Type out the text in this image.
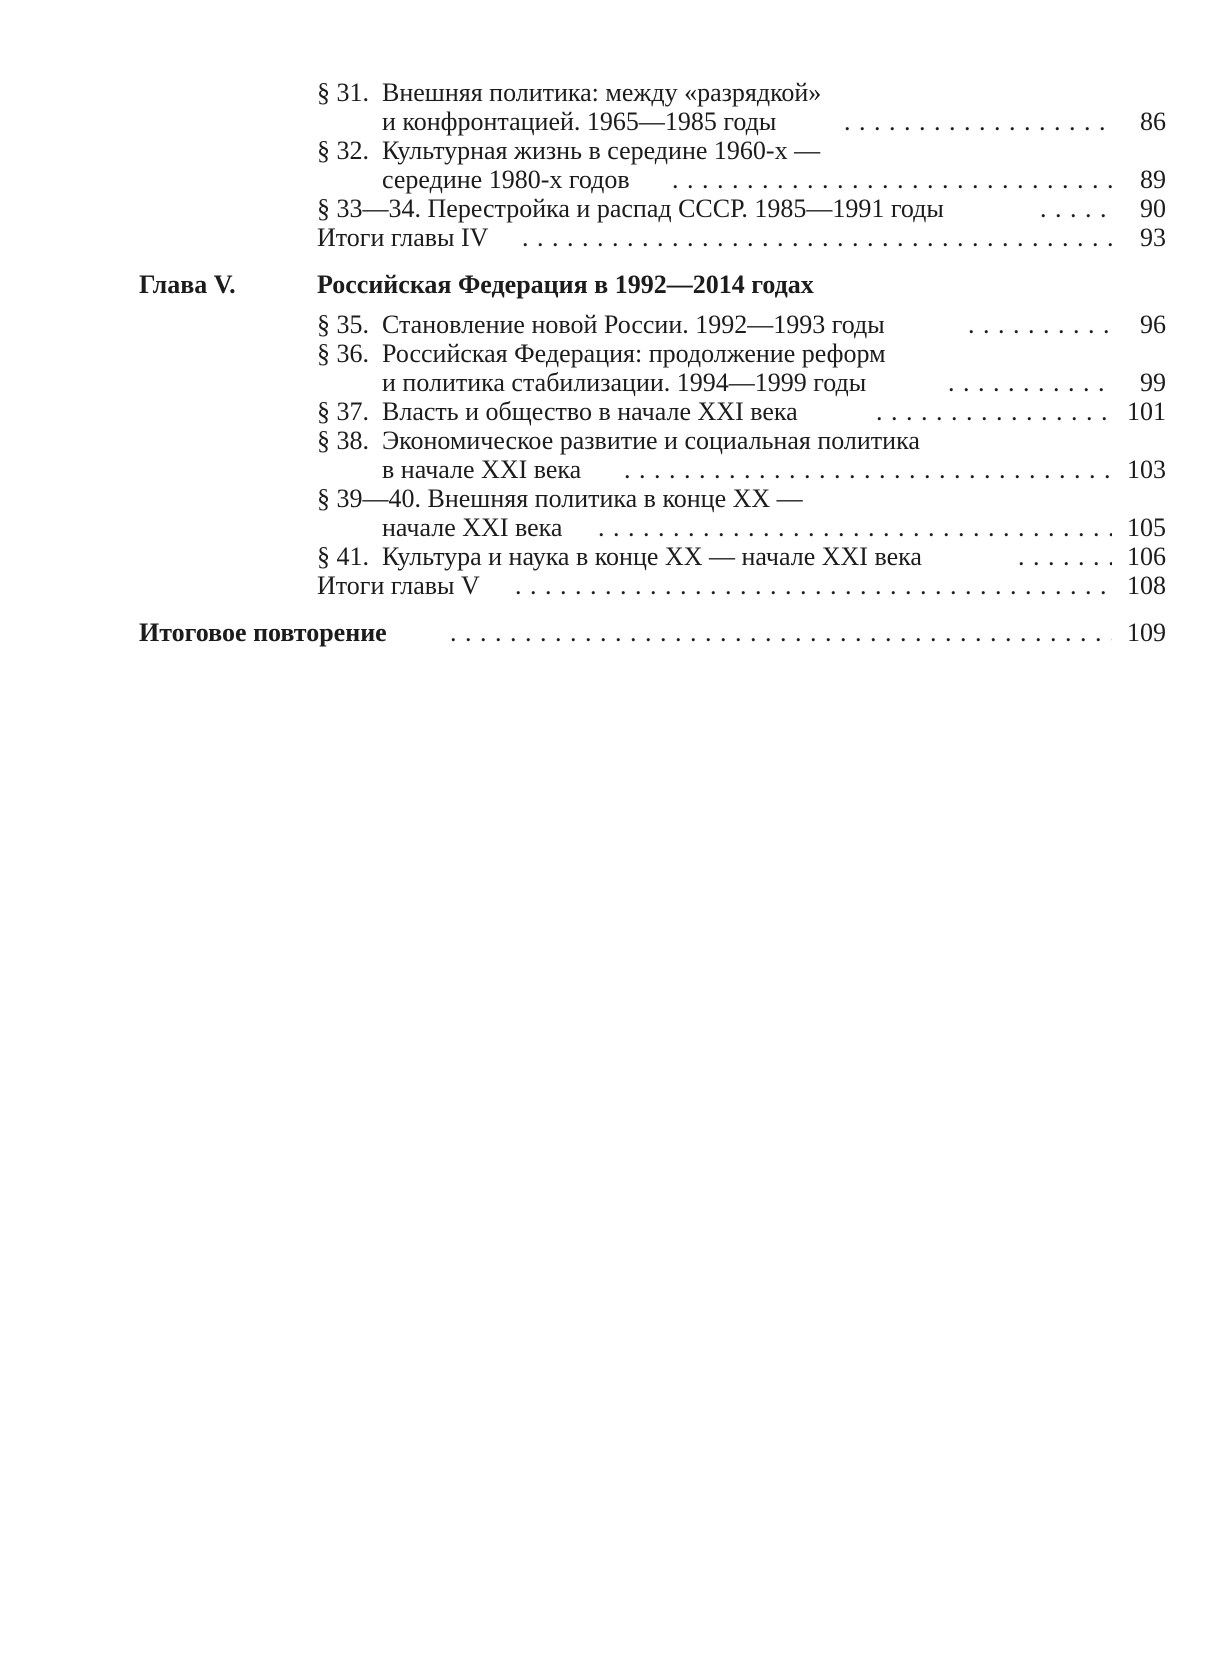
§ 31. Внешняя политика: между «разрядкой»
и конфронтацией. 1965—1985 годы . . .	86
§ 32. Культурная жизнь в середине 1960-х —
середине 1980-х годов . . .	89
§ 33—34. Перестройка и распад СССР. 1985—1991 годы . . .	90
Итоги главы IV . . .	93
Глава V.	Российская Федерация в 1992—2014 годах
§ 35. Становление новой России. 1992—1993 годы . . .	96
§ 36. Российская Федерация: продолжение реформ
и политика стабилизации. 1994—1999 годы . . .	99
§ 37. Власть и общество в начале XXI века . . .	101
§ 38. Экономическое развитие и социальная политика
в начале XXI века . . .	103
§ 39—40. Внешняя политика в конце XX —
начале XXI века . . .	105
§ 41. Культура и наука в конце XX — начале XXI века . . .	106
Итоги главы V . . .	108
Итоговое повторение . . .	109
